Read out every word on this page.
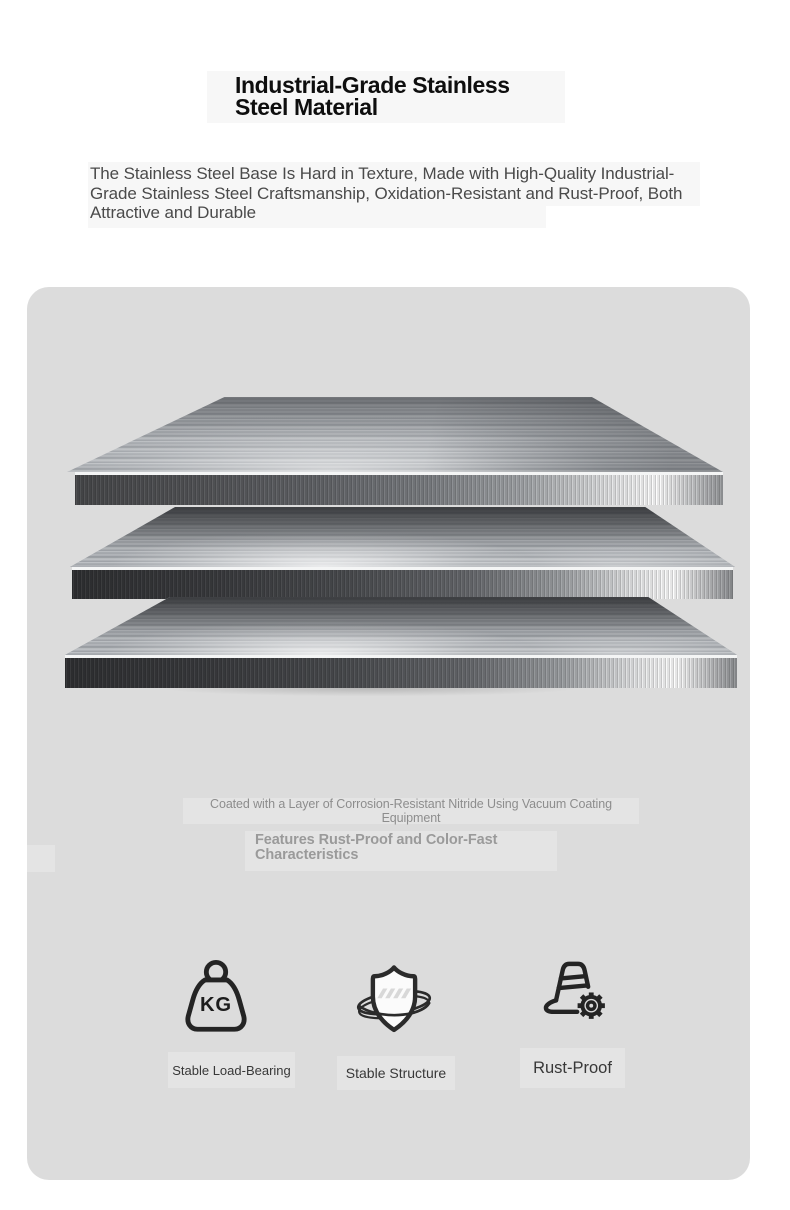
Industrial-Grade Stainless
Steel Material

The Stainless Steel Base Is Hard in Texture, Made with High-Quality Industrial-Grade Stainless Steel Craftsmanship, Oxidation-Resistant and Rust-Proof, Both Attractive and Durable

Coated with a Layer of Corrosion-Resistant Nitride Using Vacuum Coating Equipment
Features Rust-Proof and Color-Fast Characteristics
KG
Stable Load-Bearing	Stable Structure	Rust-Proof
